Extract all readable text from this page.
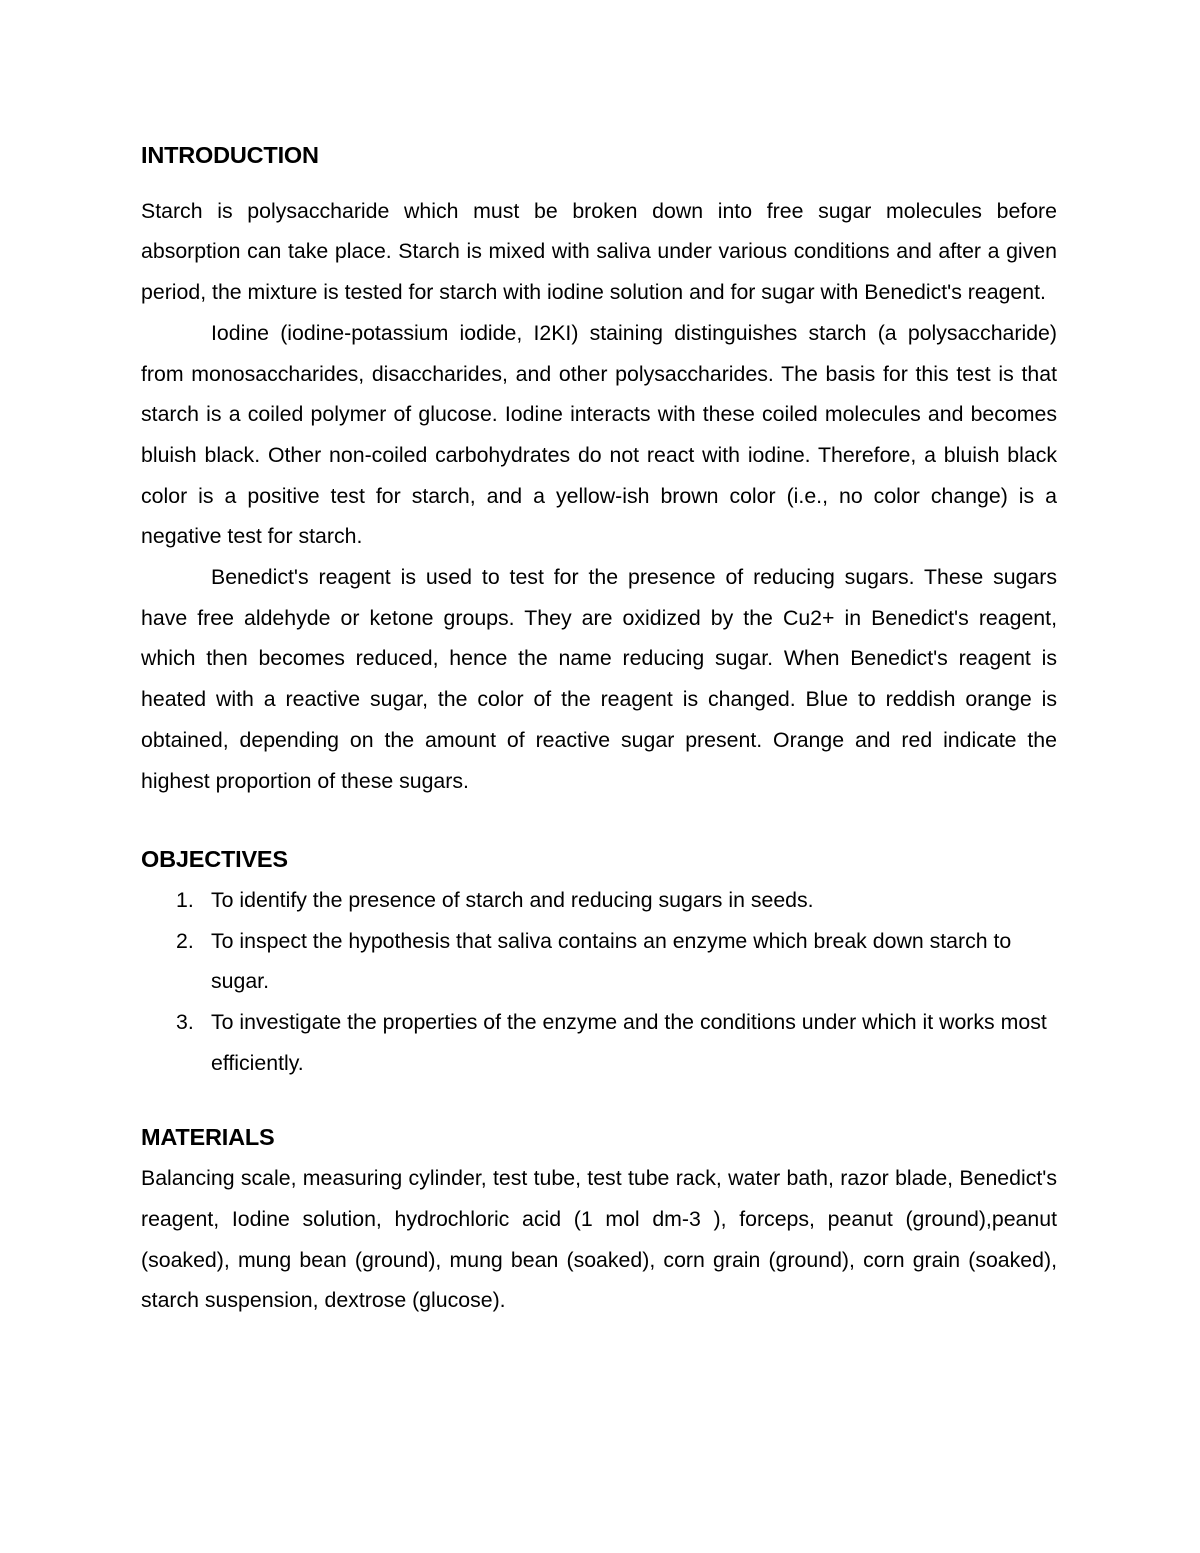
INTRODUCTION

Starch is polysaccharide which must be broken down into free sugar molecules before absorption can take place. Starch is mixed with saliva under various conditions and after a given period, the mixture is tested for starch with iodine solution and for sugar with Benedict's reagent.

Iodine (iodine-potassium iodide, I2KI) staining distinguishes starch (a polysaccharide) from monosaccharides, disaccharides, and other polysaccharides. The basis for this test is that starch is a coiled polymer of glucose. Iodine interacts with these coiled molecules and becomes bluish black. Other non-coiled carbohydrates do not react with iodine. Therefore, a bluish black color is a positive test for starch, and a yellow-ish brown color (i.e., no color change) is a negative test for starch.

Benedict's reagent is used to test for the presence of reducing sugars. These sugars have free aldehyde or ketone groups. They are oxidized by the Cu2+ in Benedict's reagent, which then becomes reduced, hence the name reducing sugar. When Benedict's reagent is heated with a reactive sugar, the color of the reagent is changed. Blue to reddish orange is obtained, depending on the amount of reactive sugar present. Orange and red indicate the highest proportion of these sugars.

OBJECTIVES
1. To identify the presence of starch and reducing sugars in seeds.
2. To inspect the hypothesis that saliva contains an enzyme which break down starch to sugar.
3. To investigate the properties of the enzyme and the conditions under which it works most efficiently.
MATERIALS

Balancing scale, measuring cylinder, test tube, test tube rack, water bath, razor blade, Benedict's reagent, Iodine solution, hydrochloric acid (1 mol dm-3 ), forceps, peanut (ground),peanut (soaked), mung bean (ground), mung bean (soaked), corn grain (ground), corn grain (soaked), starch suspension, dextrose (glucose).
